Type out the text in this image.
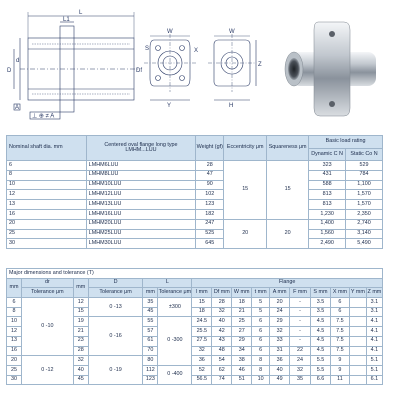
L
L1
D
d
Df
A
⊥ ⊕ ≠ A
W
Y
X
S
W
H
Z
Nominal shaft dia. mm	Centered oval flange long type
LMHM...LUU	Weight (gf)	Eccentricity μm	Squareness μm	Basic load rating	
					Dynamic C N	Static Co N
6	LMHM6LUU	28	15	15	323	529
8	LMHM8LUU	47			431	784
10	LMHM10LUU	90			588	1,100
12	LMHM12LUU	102			813	1,570
13	LMHM13LUU	123			813	1,570
16	LMHM16LUU	182			1,230	2,350
20	LMHM20LUU	247	20	20	1,400	2,740
25	LMHM25LUU	525			1,560	3,140
30	LMHM30LUU	645			2,490	5,490
Major dimensions and tolerance (T)															
mm	dr	mm	D	L		Flange									
	Tolerance μm		Tolerance μm	mm	Tolerance μm	l mm	Df mm	W mm	t mm	A mm	F mm	S mm	X mm	Y mm	Z mm
6	0 -10	12	0 -13	35	±300	15	28	18	5	20	-	3.5	6		3.1
8		15		45		18	32	21	5	24	-	3.5	6		3.1
10		19	0 -16	55	0 -300	24.5	40	25	6	29	-	4.5	7.5		4.1
12		21		57		25.5	42	27	6	32	-	4.5	7.5		4.1
13		23		61		27.5	43	29	6	33	-	4.5	7.5		4.1
16		28		70		32	48	34	6	31	22	4.5	7.5		4.1
20	0 -12	32	0 -19	80		36	54	38	8	36	24	5.5	9		5.1
25		40		112	0 -400	52	62	46	8	40	32	5.5	9		5.1
30		45		123		56.5	74	51	10	49	35	6.6	11		6.1
